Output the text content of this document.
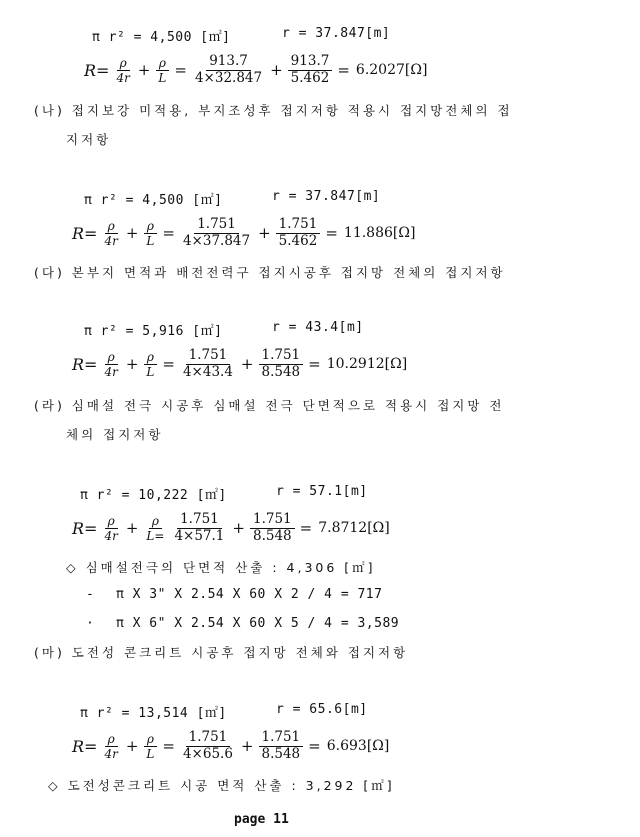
π r² = 4,500 [㎡]	r = 37.847[m]
$R= \frac{\rho}{4r} + \frac{\rho}{L} = \frac{913.7}{4\times 32.847} + \frac{913.7}{5.462} = 6.2027[\Omega]$
(나) 접지보강 미적용, 부지조성후 접지저항 적용시 접지망전체의 접
지저항
π r² = 4,500 [㎡]	r = 37.847[m]
$R= \frac{\rho}{4r} + \frac{\rho}{L} = \frac{1.751}{4\times 37.847} + \frac{1.751}{5.462} = 11.886[\Omega]$
(다) 본부지 면적과 배전전력구 접지시공후 접지망 전체의 접지저항
π r² = 5,916 [㎡]	r = 43.4[m]
$R= \frac{\rho}{4r} + \frac{\rho}{L} = \frac{1.751}{4\times 43.4} + \frac{1.751}{8.548} = 10.2912[\Omega]$
(라) 심매설 전극 시공후 심매설 전극 단면적으로 적용시 접지망 전
체의 접지저항
π r² = 10,222 [㎡]	r = 57.1[m]
$R= \frac{\rho}{4r} + \frac{\rho}{L=} \frac{1.751}{4\times 57.1} + \frac{1.751}{8.548} = 7.8712[\Omega]$
◇ 심매설전극의 단면적 산출 : 4,306 [㎡]
- π X 3" X 2.54 X 60 X 2 / 4 = 717
· π X 6" X 2.54 X 60 X 5 / 4 = 3,589
(마) 도전성 콘크리트 시공후 접지망 전체와 접지저항
π r² = 13,514 [㎡]	r = 65.6[m]
$R= \frac{\rho}{4r} + \frac{\rho}{L} = \frac{1.751}{4\times 65.6} + \frac{1.751}{8.548} = 6.693[\Omega]$
◇ 도전성콘크리트 시공 면적 산출 : 3,292 [㎡]
page 11
